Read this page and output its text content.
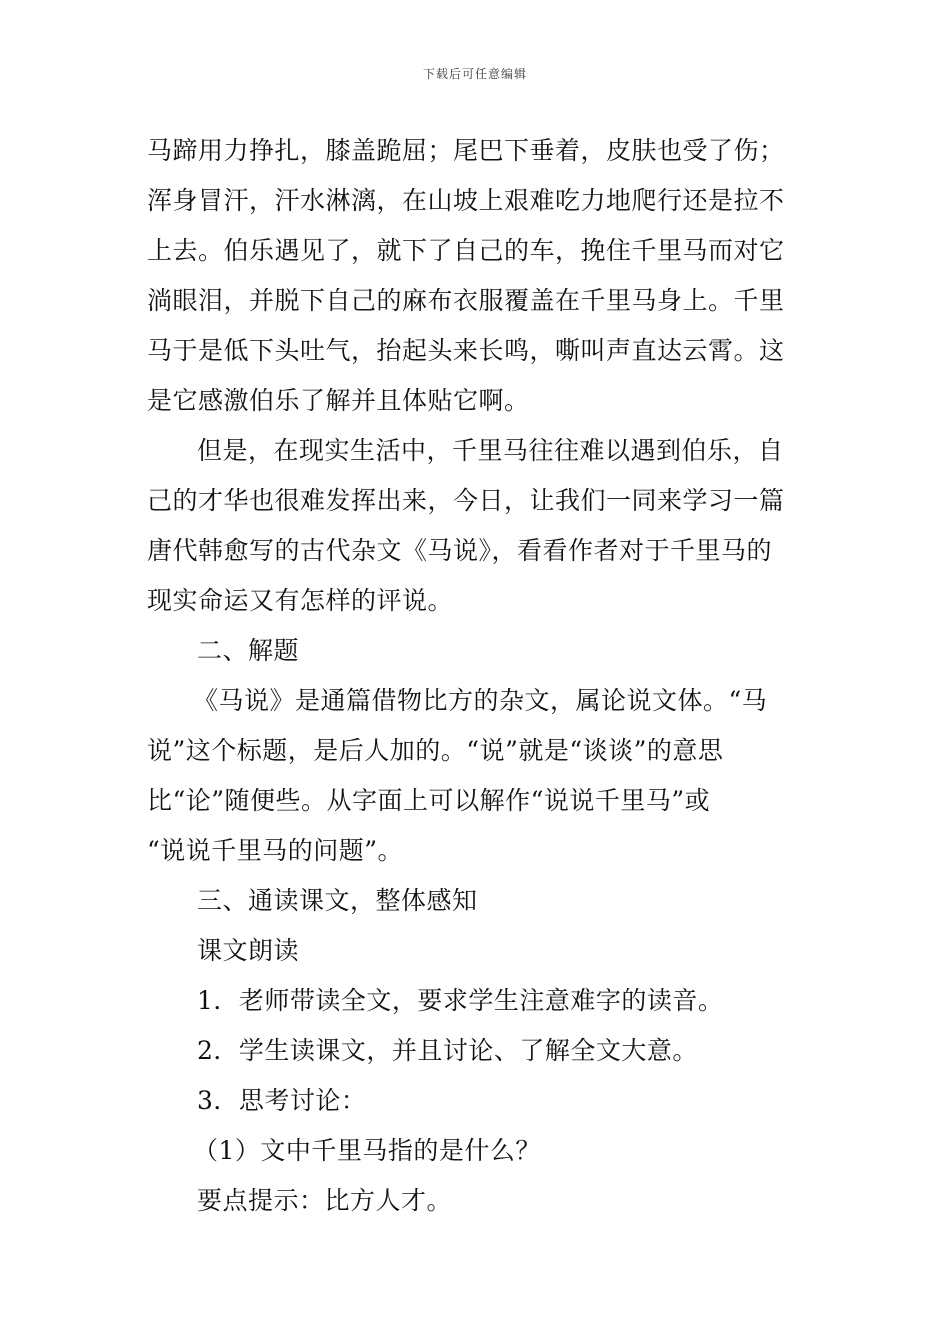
下载后可任意编辑
马蹄用力挣扎，膝盖跪屈；尾巴下垂着，皮肤也受了伤；
浑身冒汗，汗水淋漓，在山坡上艰难吃力地爬行还是拉不
上去。伯乐遇见了，就下了自己的车，挽住千里马而对它
淌眼泪，并脱下自己的麻布衣服覆盖在千里马身上。千里
马于是低下头吐气，抬起头来长鸣，嘶叫声直达云霄。这
是它感激伯乐了解并且体贴它啊。
但是，在现实生活中，千里马往往难以遇到伯乐，自
己的才华也很难发挥出来，今日，让我们一同来学习一篇
唐代韩愈写的古代杂文《马说》，看看作者对于千里马的
现实命运又有怎样的评说。
二、解题
《马说》是通篇借物比方的杂文，属论说文体。“马
说”这个标题，是后人加的。“说”就是“谈谈”的意思
比“论”随便些。从字面上可以解作“说说千里马”或
“说说千里马的问题”。
三、通读课文，整体感知
课文朗读
1．老师带读全文，要求学生注意难字的读音。
2．学生读课文，并且讨论、了解全文大意。
3．思考讨论：
（1）文中千里马指的是什么？
要点提示：比方人才。
